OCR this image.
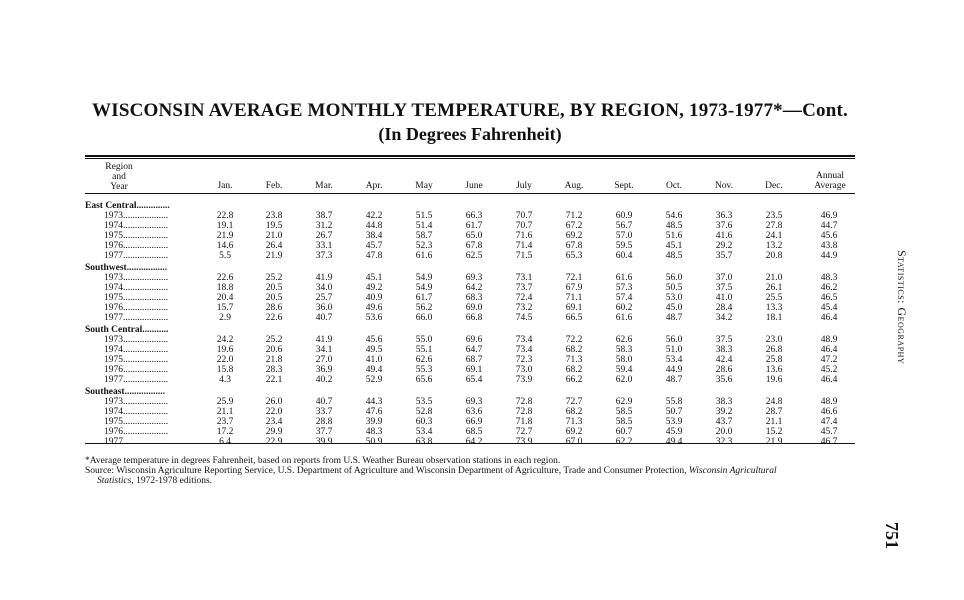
WISCONSIN AVERAGE MONTHLY TEMPERATURE, BY REGION, 1973-1977*—Cont.
(In Degrees Fahrenheit)
Region
and
Year	Jan.	Feb.	Mar.	Apr.	May	June	July	Aug.	Sept.	Oct.	Nov.	Dec.
Annual
Average
East Central..............
1973...................	22.8	23.8	38.7	42.2	51.5	66.3	70.7	71.2	60.9	54.6	36.3	23.5	46.9
1974...................	19.1	19.5	31.2	44.8	51.4	61.7	70.7	67.2	56.7	48.5	37.6	27.8	44.7
1975...................	21.9	21.0	26.7	38.4	58.7	65.0	71.6	69.2	57.0	51.6	41.6	24.1	45.6
1976...................	14.6	26.4	33.1	45.7	52.3	67.8	71.4	67.8	59.5	45.1	29.2	13.2	43.8
1977...................	5.5	21.9	37.3	47.8	61.6	62.5	71.5	65.3	60.4	48.5	35.7	20.8	44.9
Southwest.................
1973...................	22.6	25.2	41.9	45.1	54.9	69.3	73.1	72.1	61.6	56.0	37.0	21.0	48.3
1974...................	18.8	20.5	34.0	49.2	54.9	64.2	73.7	67.9	57.3	50.5	37.5	26.1	46.2
1975...................	20.4	20.5	25.7	40.9	61.7	68.3	72.4	71.1	57.4	53.0	41.0	25.5	46.5
1976...................	15.7	28.6	36.0	49.6	56.2	69.0	73.2	69.1	60.2	45.0	28.4	13.3	45.4
1977...................	2.9	22.6	40.7	53.6	66.0	66.8	74.5	66.5	61.6	48.7	34.2	18.1	46.4
South Central...........
1973...................	24.2	25.2	41.9	45.6	55.0	69.6	73.4	72.2	62.6	56.0	37.5	23.0	48.9
1974...................	19.6	20.6	34.1	49.5	55.1	64.7	73.4	68.2	58.3	51.0	38.3	26.8	46.4
1975...................	22.0	21.8	27.0	41.0	62.6	68.7	72.3	71.3	58.0	53.4	42.4	25.8	47.2
1976...................	15.8	28.3	36.9	49.4	55.3	69.1	73.0	68.2	59.4	44.9	28.6	13.6	45.2
1977...................	4.3	22.1	40.2	52.9	65.6	65.4	73.9	66.2	62.0	48.7	35.6	19.6	46.4
Southeast.................
1973...................	25.9	26.0	40.7	44.3	53.5	69.3	72.8	72.7	62.9	55.8	38.3	24.8	48.9
1974...................	21.1	22.0	33.7	47.6	52.8	63.6	72.8	68.2	58.5	50.7	39.2	28.7	46.6
1975...................	23.7	23.4	28.8	39.9	60.3	66.9	71.8	71.3	58.5	53.9	43.7	21.1	47.4
1976...................	17.2	29.9	37.7	48.3	53.4	68.5	72.7	69.2	60.7	45.9	20.0	15.2	45.7
1977...................	6.4	22.9	39.9	50.9	63.8	64.2	73.9	67.0	62.2	49.4	32.3	21.9	46.7
*Average temperature in degrees Fahrenheit, based on reports from U.S. Weather Bureau observation stations in each region.
Source: Wisconsin Agriculture Reporting Service, U.S. Department of Agriculture and Wisconsin Department of Agriculture, Trade and Consumer Protection, Wisconsin Agricultural
Statistics, 1972-1978 editions.
Statistics: Geography
751
